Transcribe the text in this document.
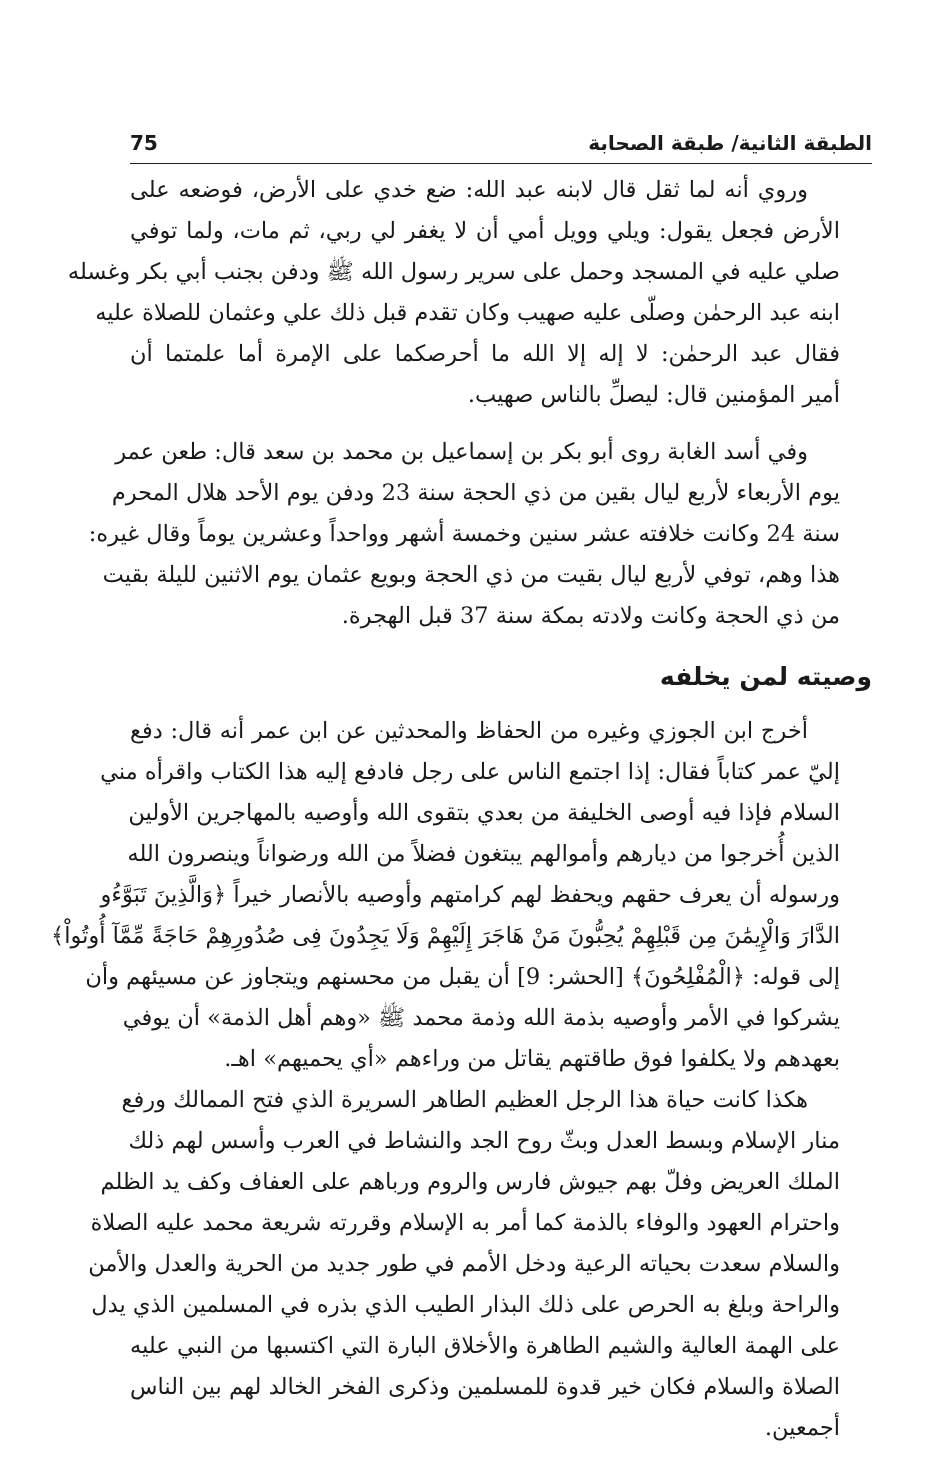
الطبقة الثانية/ طبقة الصحابة
75
وروي أنه لما ثقل قال لابنه عبد الله: ضع خدي على الأرض، فوضعه على
الأرض فجعل يقول: ويلي وويل أمي أن لا يغفر لي ربي، ثم مات، ولما توفي
صلي عليه في المسجد وحمل على سرير رسول الله ﷺ ودفن بجنب أبي بكر وغسله
ابنه عبد الرحمٰن وصلّى عليه صهيب وكان تقدم قبل ذلك علي وعثمان للصلاة عليه
فقال عبد الرحمٰن: لا إله إلا الله ما أحرصكما على الإمرة أما علمتما أن
أمير المؤمنين قال: ليصلِّ بالناس صهيب.
وفي أسد الغابة روى أبو بكر بن إسماعيل بن محمد بن سعد قال: طعن عمر
يوم الأربعاء لأربع ليال بقين من ذي الحجة سنة 23 ودفن يوم الأحد هلال المحرم
سنة 24 وكانت خلافته عشر سنين وخمسة أشهر وواحداً وعشرين يوماً وقال غيره:
هذا وهم، توفي لأربع ليال بقيت من ذي الحجة وبويع عثمان يوم الاثنين لليلة بقيت
من ذي الحجة وكانت ولادته بمكة سنة 37 قبل الهجرة.
وصيته لمن يخلفه
أخرج ابن الجوزي وغيره من الحفاظ والمحدثين عن ابن عمر أنه قال: دفع
إليّ عمر كتاباً فقال: إذا اجتمع الناس على رجل فادفع إليه هذا الكتاب واقرأه مني
السلام فإذا فيه أوصى الخليفة من بعدي بتقوى الله وأوصيه بالمهاجرين الأولين
الذين أُخرجوا من ديارهم وأموالهم يبتغون فضلاً من الله ورضواناً وينصرون الله
ورسوله أن يعرف حقهم ويحفظ لهم كرامتهم وأوصيه بالأنصار خيراً ﴿وَالَّذِينَ تَبَوَّءُو
الدَّارَ وَالْإِيمَٰنَ مِن قَبْلِهِمْ يُحِبُّونَ مَنْ هَاجَرَ إِلَيْهِمْ وَلَا يَجِدُونَ فِى صُدُورِهِمْ حَاجَةً مِّمَّآ أُوتُواْ﴾
إلى قوله: ﴿الْمُفْلِحُونَ﴾ [الحشر: 9] أن يقبل من محسنهم ويتجاوز عن مسيئهم وأن
يشركوا في الأمر وأوصيه بذمة الله وذمة محمد ﷺ «وهم أهل الذمة» أن يوفي
بعهدهم ولا يكلفوا فوق طاقتهم يقاتل من وراءهم «أي يحميهم» اهـ.
هكذا كانت حياة هذا الرجل العظيم الطاهر السريرة الذي فتح الممالك ورفع
منار الإسلام وبسط العدل وبثّ روح الجد والنشاط في العرب وأسس لهم ذلك
الملك العريض وفلّ بهم جيوش فارس والروم ورباهم على العفاف وكف يد الظلم
واحترام العهود والوفاء بالذمة كما أمر به الإسلام وقررته شريعة محمد عليه الصلاة
والسلام سعدت بحياته الرعية ودخل الأمم في طور جديد من الحرية والعدل والأمن
والراحة وبلغ به الحرص على ذلك البذار الطيب الذي بذره في المسلمين الذي يدل
على الهمة العالية والشيم الطاهرة والأخلاق البارة التي اكتسبها من النبي عليه
الصلاة والسلام فكان خير قدوة للمسلمين وذكرى الفخر الخالد لهم بين الناس
أجمعين.
